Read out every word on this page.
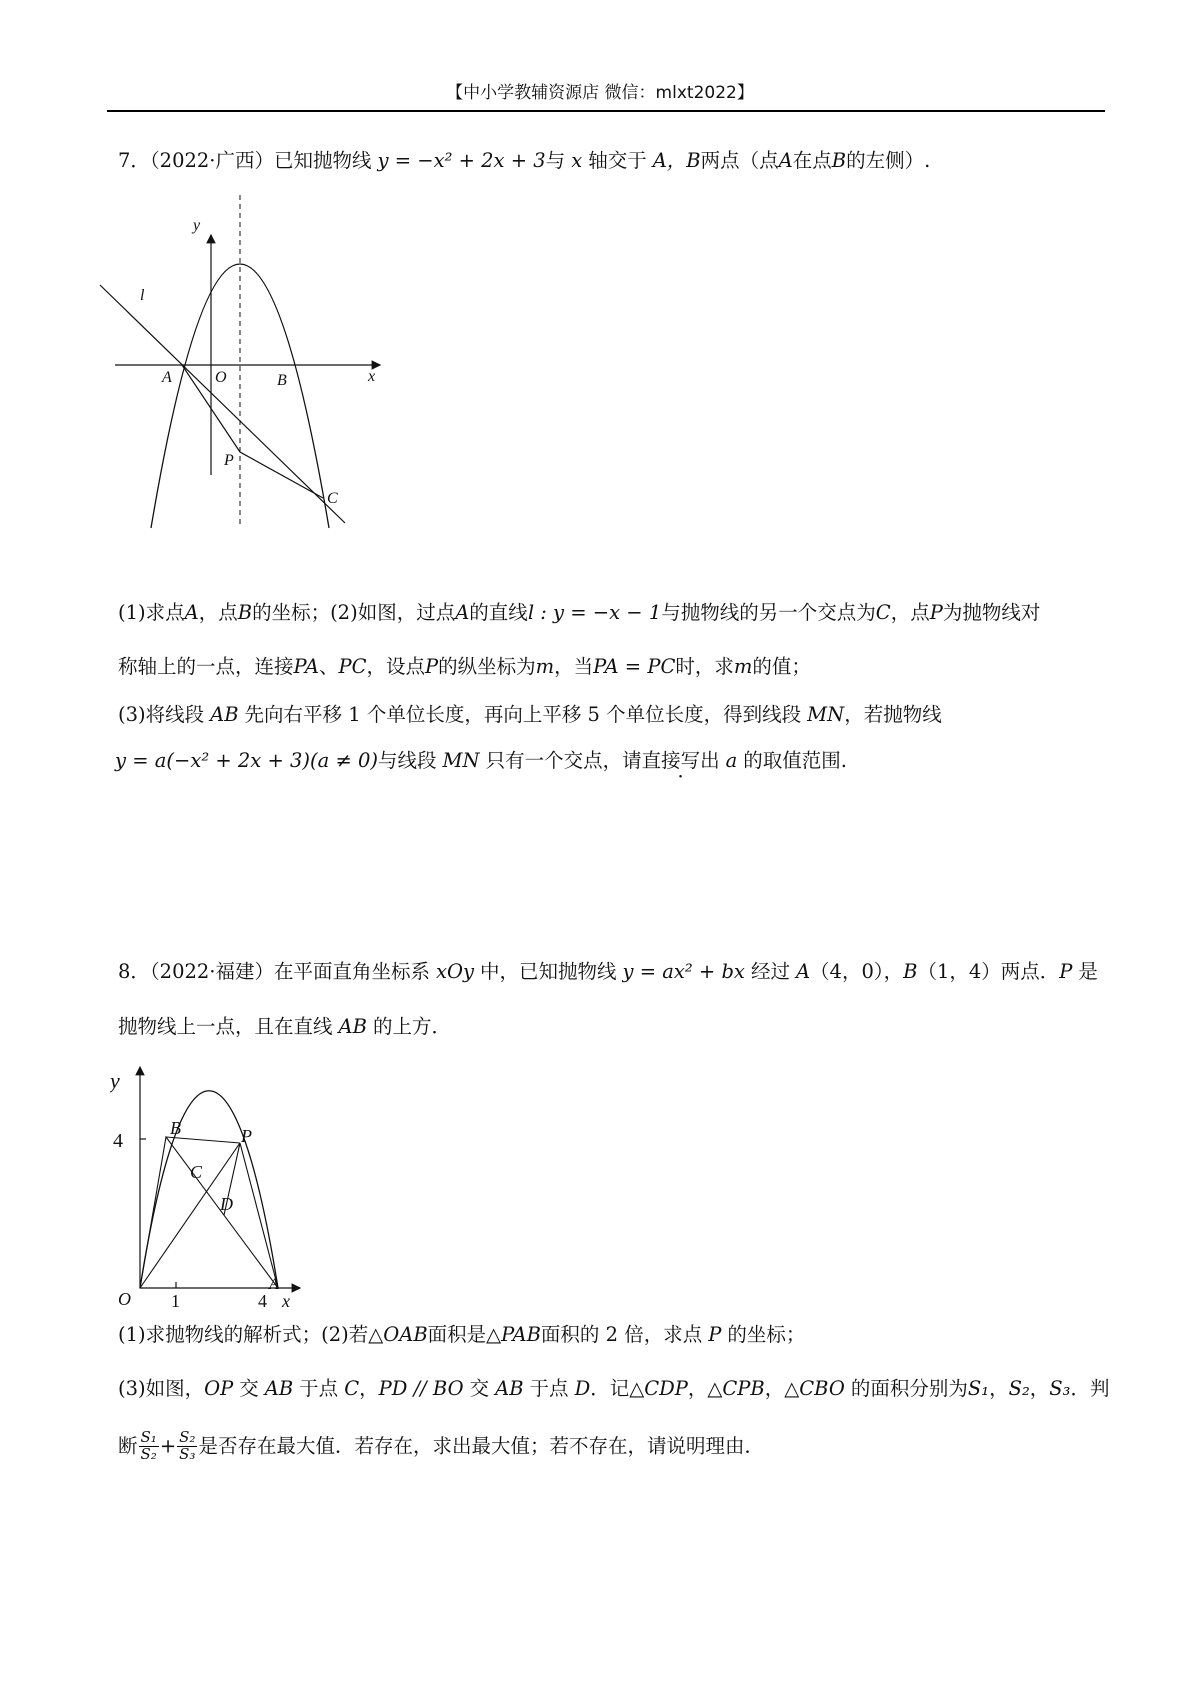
【中小学教辅资源店 微信：mlxt2022】
7．（2022·广西）已知抛物线 y = −x² + 2x + 3与 x 轴交于 A，B两点（点A在点B的左侧）.
y
l
A	O	B	x
P
C
(1)求点A，点B的坐标；(2)如图，过点A的直线l : y = −x − 1与抛物线的另一个交点为C，点P为抛物线对
称轴上的一点，连接PA、PC，设点P的纵坐标为m，当PA = PC时，求m的值；
(3)将线段 AB 先向右平移 1 个单位长度，再向上平移 5 个单位长度，得到线段 MN，若抛物线
y = a(−x² + 2x + 3)(a ≠ 0)与线段 MN 只有一个交点，请直接写出 a 的取值范围.
8．（2022·福建）在平面直角坐标系 xOy 中，已知抛物线 y = ax² + bx 经过 A（4，0），B（1，4）两点．P 是
抛物线上一点，且在直线 AB 的上方．
y
4
B	P
C
D
O 1	4
A
x
(1)求抛物线的解析式；(2)若△OAB面积是△PAB面积的 2 倍，求点 P 的坐标；
(3)如图，OP 交 AB 于点 C，PD // BO 交 AB 于点 D．记△CDP，△CPB，△CBO 的面积分别为S₁，S₂，S₃．判
断 $\frac{\text{S₁}}{\text{S₂}} + \frac{\text{S₂}}{\text{S₃}}$ 是否存在最大值．若存在，求出最大值；若不存在，请说明理由．
